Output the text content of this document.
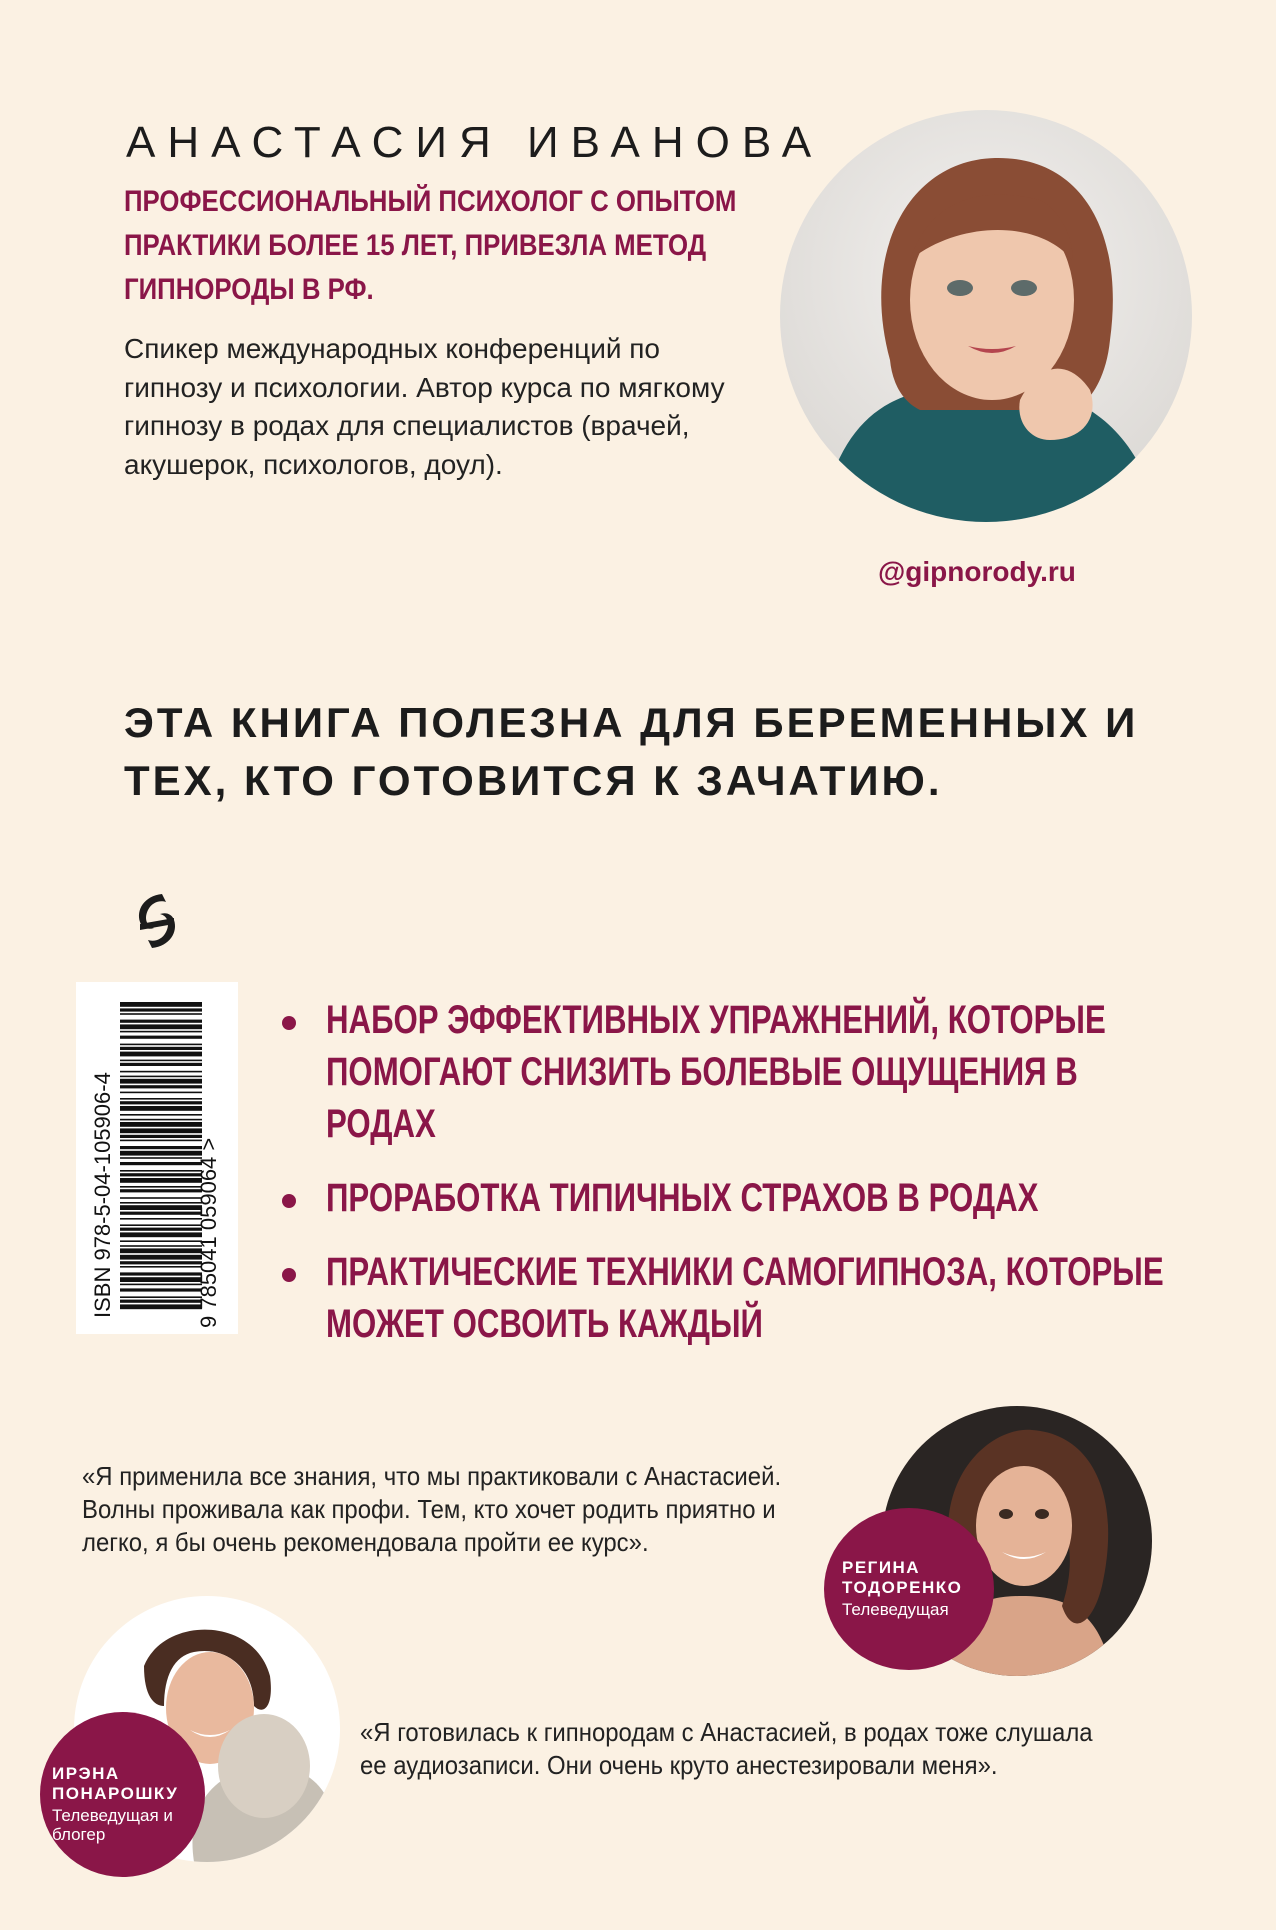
АНАСТАСИЯ ИВАНОВА
ПРОФЕССИОНАЛЬНЫЙ ПСИХОЛОГ С ОПЫТОМ ПРАКТИКИ БОЛЕЕ 15 ЛЕТ, ПРИВЕЗЛА МЕТОД ГИПНОРОДЫ В РФ.
Спикер международных конференций по гипнозу и психологии. Автор курса по мягкому гипнозу в родах для специалистов (врачей, акушерок, психологов, доул).
@gipnorody.ru
ЭТА КНИГА ПОЛЕЗНА ДЛЯ БЕРЕМЕННЫХ И ТЕХ, КТО ГОТОВИТСЯ К ЗАЧАТИЮ.
ISBN 978-5-04-105906-4	9 785041 059064 >
НАБОР ЭФФЕКТИВНЫХ УПРАЖНЕНИЙ, КОТОРЫЕ ПОМОГАЮТ СНИЗИТЬ БОЛЕВЫЕ ОЩУЩЕНИЯ В РОДАХ
ПРОРАБОТКА ТИПИЧНЫХ СТРАХОВ В РОДАХ
ПРАКТИЧЕСКИЕ ТЕХНИКИ САМОГИПНОЗА, КОТОРЫЕ МОЖЕТ ОСВОИТЬ КАЖДЫЙ
«Я применила все знания, что мы практиковали с Анастасией. Волны проживала как профи. Тем, кто хочет родить приятно и легко, я бы очень рекомендовала пройти ее курс».
РЕГИНА
ТОДОРЕНКО
Телеведущая
ИРЭНА
ПОНАРОШКУ
Телеведущая и блогер
«Я готовилась к гипнородам с Анастасией, в родах тоже слушала ее аудиозаписи. Они очень круто анестезировали меня».
